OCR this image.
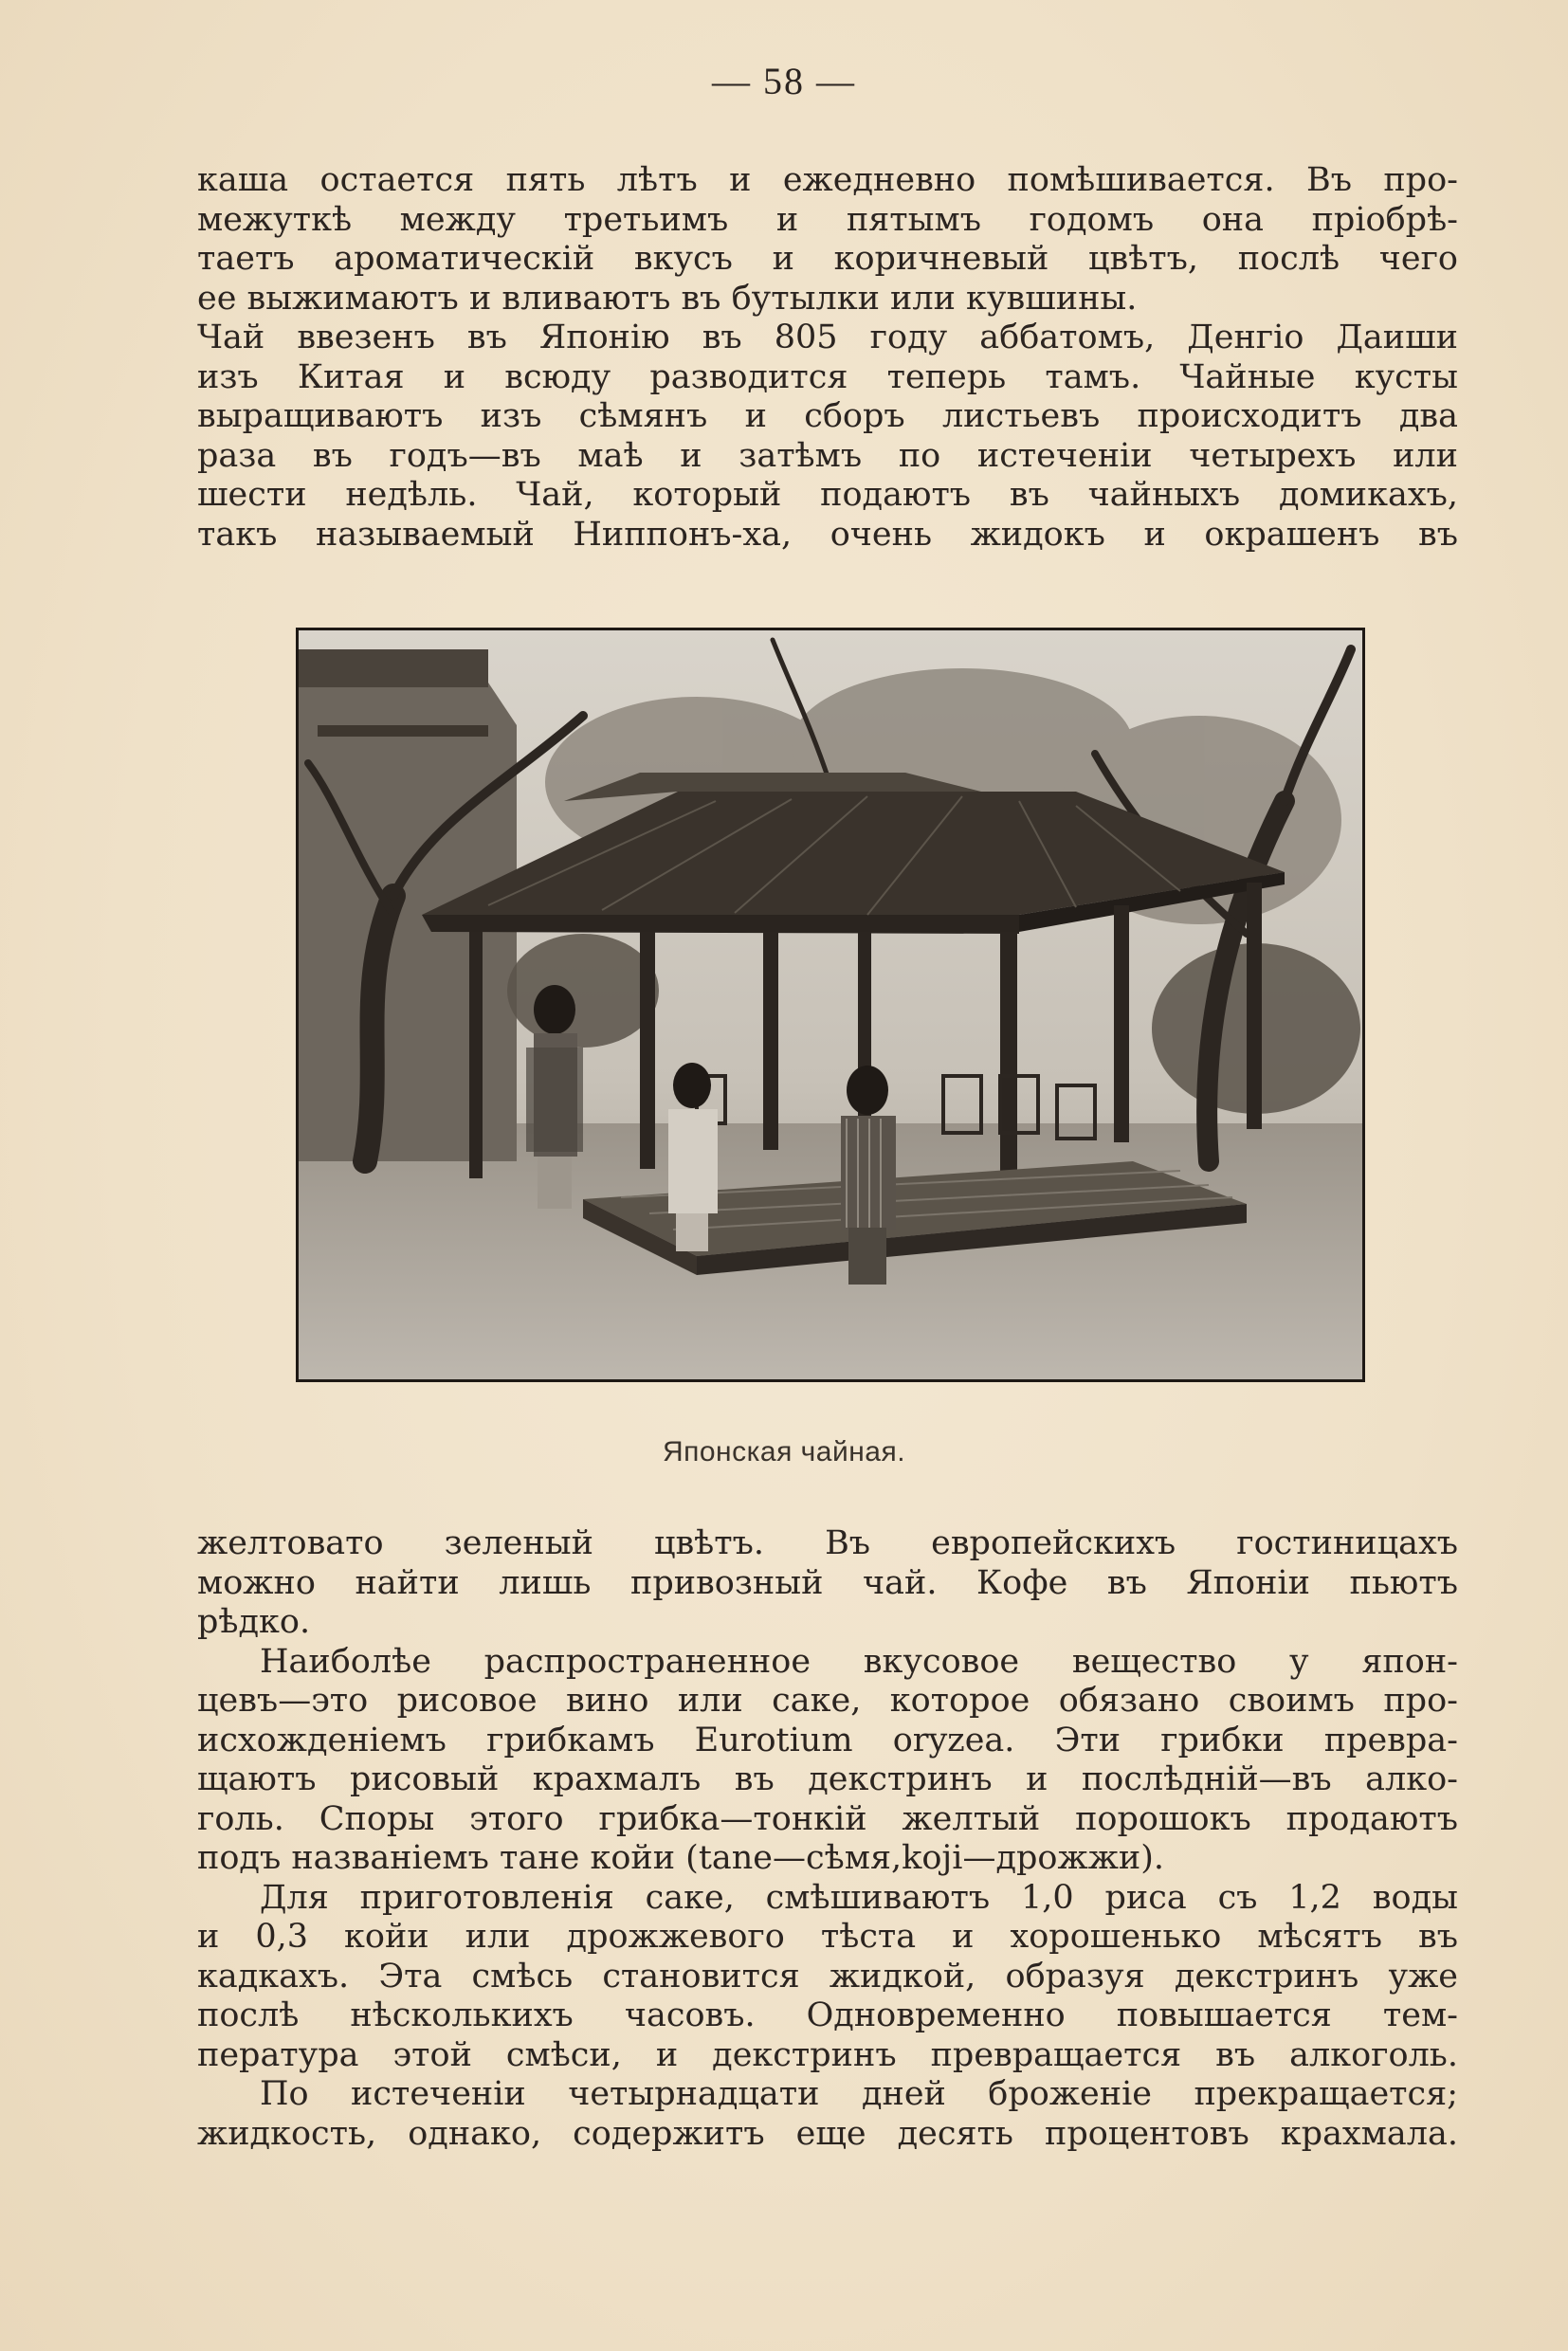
— 58 —
каша остается пять лѣтъ и ежедневно помѣшивается. Въ про-
межуткѣ между третьимъ и пятымъ годомъ она пріобрѣ-
таетъ ароматическій вкусъ и коричневый цвѣтъ, послѣ чего
ее выжимаютъ и вливаютъ въ бутылки или кувшины.
Чай ввезенъ въ Японію въ 805 году аббатомъ, Денгіо Даиши
изъ Китая и всюду разводится теперь тамъ. Чайные кусты
выращиваютъ изъ сѣмянъ и сборъ листьевъ происходитъ два
раза въ годъ—въ маѣ и затѣмъ по истеченіи четырехъ или
шести недѣль. Чай, который подаютъ въ чайныхъ домикахъ,
такъ называемый Ниппонъ-ха, очень жидокъ и окрашенъ въ
Японская чайная.
желтовато зеленый цвѣтъ. Въ европейскихъ гостиницахъ
можно найти лишь привозный чай. Кофе въ Японіи пьютъ
рѣдко.
Наиболѣе распространенное вкусовое вещество у япон-
цевъ—это рисовое вино или саке, которое обязано своимъ про-
исхожденіемъ грибкамъ Eurotium oryzea. Эти грибки превра-
щаютъ рисовый крахмалъ въ декстринъ и послѣдній—въ алко-
голь. Споры этого грибка—тонкій желтый порошокъ продаютъ
подъ названіемъ тане койи (tane—сѣмя,koji—дрожжи).
Для приготовленія саке, смѣшиваютъ 1,0 риса съ 1,2 воды
и 0,3 койи или дрожжевого тѣста и хорошенько мѣсятъ въ
кадкахъ. Эта смѣсь становится жидкой, образуя декстринъ уже
послѣ нѣсколькихъ часовъ. Одновременно повышается тем-
пература этой смѣси, и декстринъ превращается въ алкоголь.
По истеченіи четырнадцати дней броженіе прекращается;
жидкость, однако, содержитъ еще десять процентовъ крахмала.
